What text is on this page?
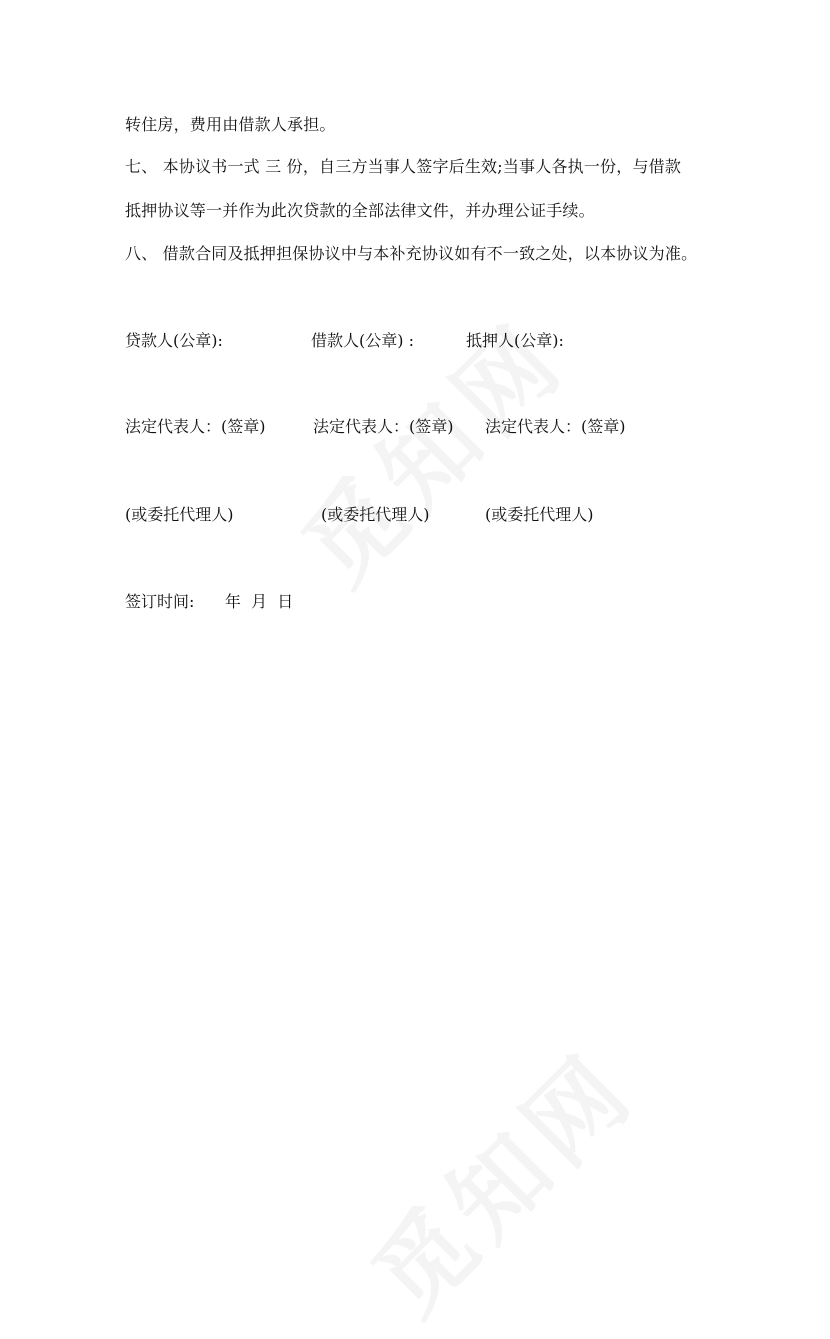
转住房，费用由借款人承担。
七、 本协议书一式 三 份，自三方当事人签字后生效;当事人各执一份，与借款
抵押协议等一并作为此次贷款的全部法律文件，并办理公证手续。
八、 借款合同及抵押担保协议中与本补充协议如有不一致之处，以本协议为准。
贷款人(公章):	借款人(公章) :	抵押人(公章):
法定代表人：(签章)	法定代表人：(签章) 法定代表人：(签章)
(或委托代理人)	(或委托代理人)	(或委托代理人)
签订时间:      年  月  日
